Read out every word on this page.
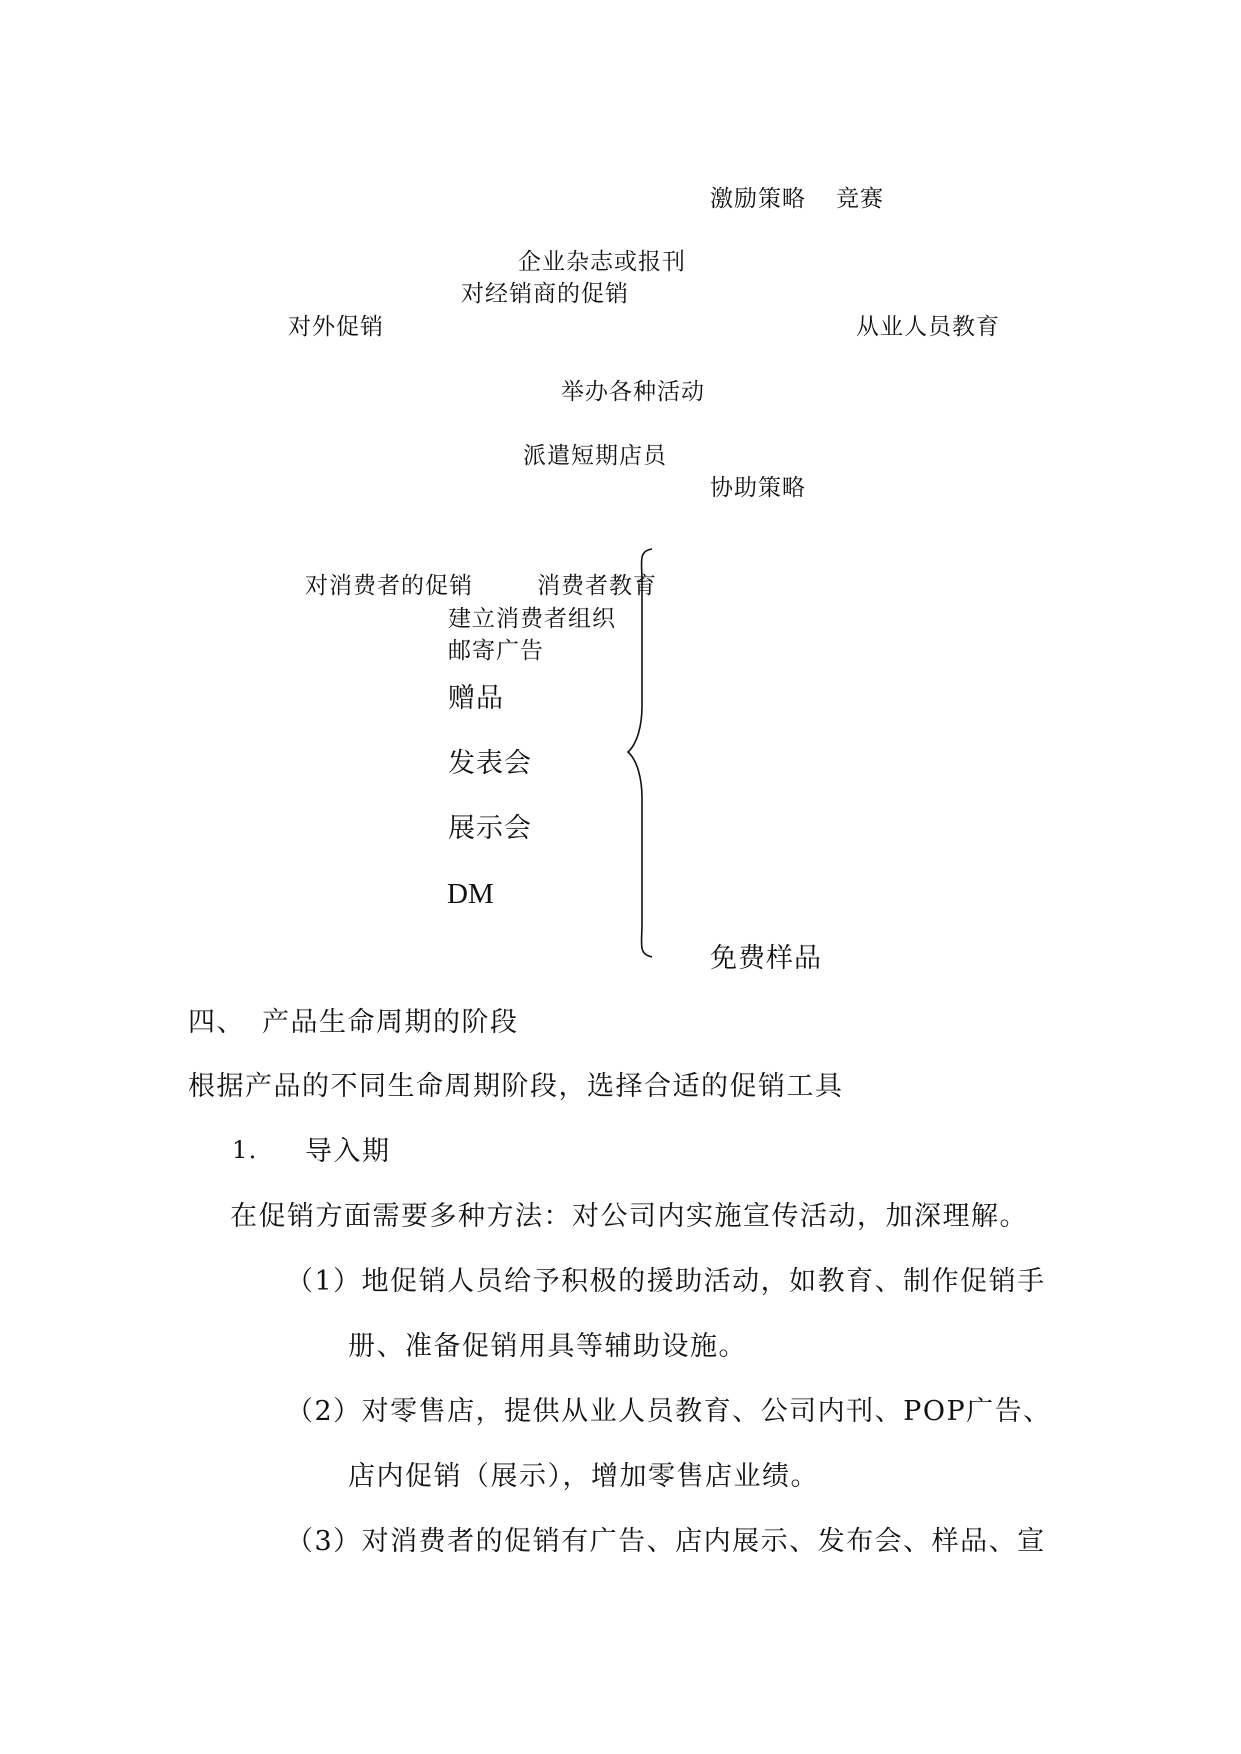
激励策略 竞赛
企业杂志或报刊
对经销商的促销
对外促销	从业人员教育
举办各种活动
派遣短期店员
协助策略
对消费者的促销	消费者教育
建立消费者组织
邮寄广告
赠品
发表会
展示会
DM
免费样品
四、 产品生命周期的阶段
根据产品的不同生命周期阶段，选择合适的促销工具
1． 导入期
在促销方面需要多种方法：对公司内实施宣传活动，加深理解。
（1）地促销人员给予积极的援助活动，如教育、制作促销手
册、准备促销用具等辅助设施。
（2）对零售店，提供从业人员教育、公司内刊、POP广告、
店内促销（展示），增加零售店业绩。
（3）对消费者的促销有广告、店内展示、发布会、样品、宣
